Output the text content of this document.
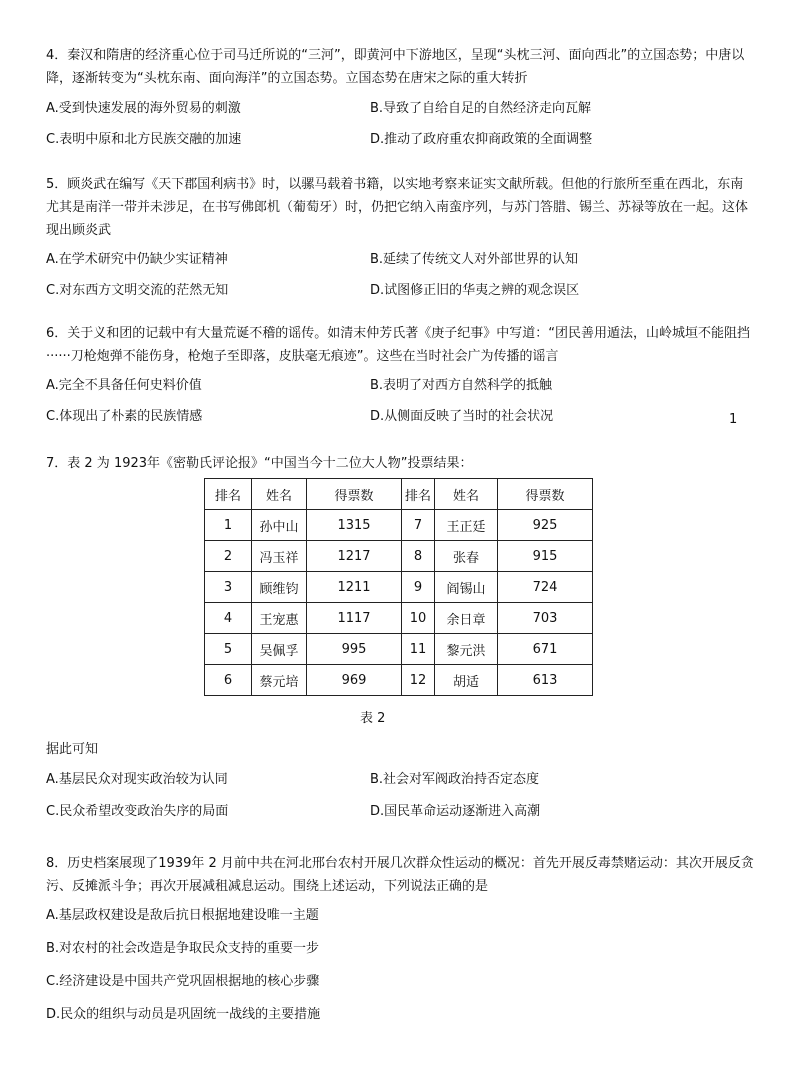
4．秦汉和隋唐的经济重心位于司马迁所说的“三河”，即黄河中下游地区，呈现“头枕三河、面向西北”的立国态势；中唐以降，逐渐转变为“头枕东南、面向海洋”的立国态势。立国态势在唐宋之际的重大转折

A.受到快速发展的海外贸易的刺激	B.导致了自给自足的自然经济走向瓦解
C.表明中原和北方民族交融的加速	D.推动了政府重农抑商政策的全面调整

5．顾炎武在编写《天下郡国利病书》时，以骡马载着书籍，以实地考察来证实文献所载。但他的行旅所至重在西北，东南尤其是南洋一带并未涉足，在书写佛郎机（葡萄牙）时，仍把它纳入南蛮序列，与苏门答腊、锡兰、苏禄等放在一起。这体现出顾炎武

A.在学术研究中仍缺少实证精神	B.延续了传统文人对外部世界的认知
C.对东西方文明交流的茫然无知	D.试图修正旧的华夷之辨的观念误区

6．关于义和团的记载中有大量荒诞不稽的谣传。如清末仲芳氏著《庚子纪事》中写道：“团民善用遁法，山岭城垣不能阻挡······刀枪炮弹不能伤身，枪炮子至即落，皮肤毫无痕迹”。这些在当时社会广为传播的谣言

A.完全不具备任何史料价值	B.表明了对西方自然科学的抵触
C.体现出了朴素的民族情感	D.从侧面反映了当时的社会状况	1

7．表 2 为 1923年《密勒氏评论报》“中国当今十二位大人物”投票结果：

排名	姓名	得票数	排名	姓名	得票数
1	孙中山	1315	7	王正廷	925
2	冯玉祥	1217	8	张春	915
3	顾维钧	1211	9	阎锡山	724
4	王宠惠	1117	10	余日章	703
5	吴佩孚	995	11	黎元洪	671
6	蔡元培	969	12	胡适	613
表 2
据此可知
A.基层民众对现实政治较为认同	B.社会对军阀政治持否定态度
C.民众希望改变政治失序的局面	D.国民革命运动逐渐进入高潮

8．历史档案展现了1939年 2 月前中共在河北邢台农村开展几次群众性运动的概况：首先开展反毒禁赌运动：其次开展反贪污、反摊派斗争；再次开展减租减息运动。围绕上述运动，下列说法正确的是

A.基层政权建设是敌后抗日根据地建设唯一主题
B.对农村的社会改造是争取民众支持的重要一步
C.经济建设是中国共产党巩固根据地的核心步骤
D.民众的组织与动员是巩固统一战线的主要措施
